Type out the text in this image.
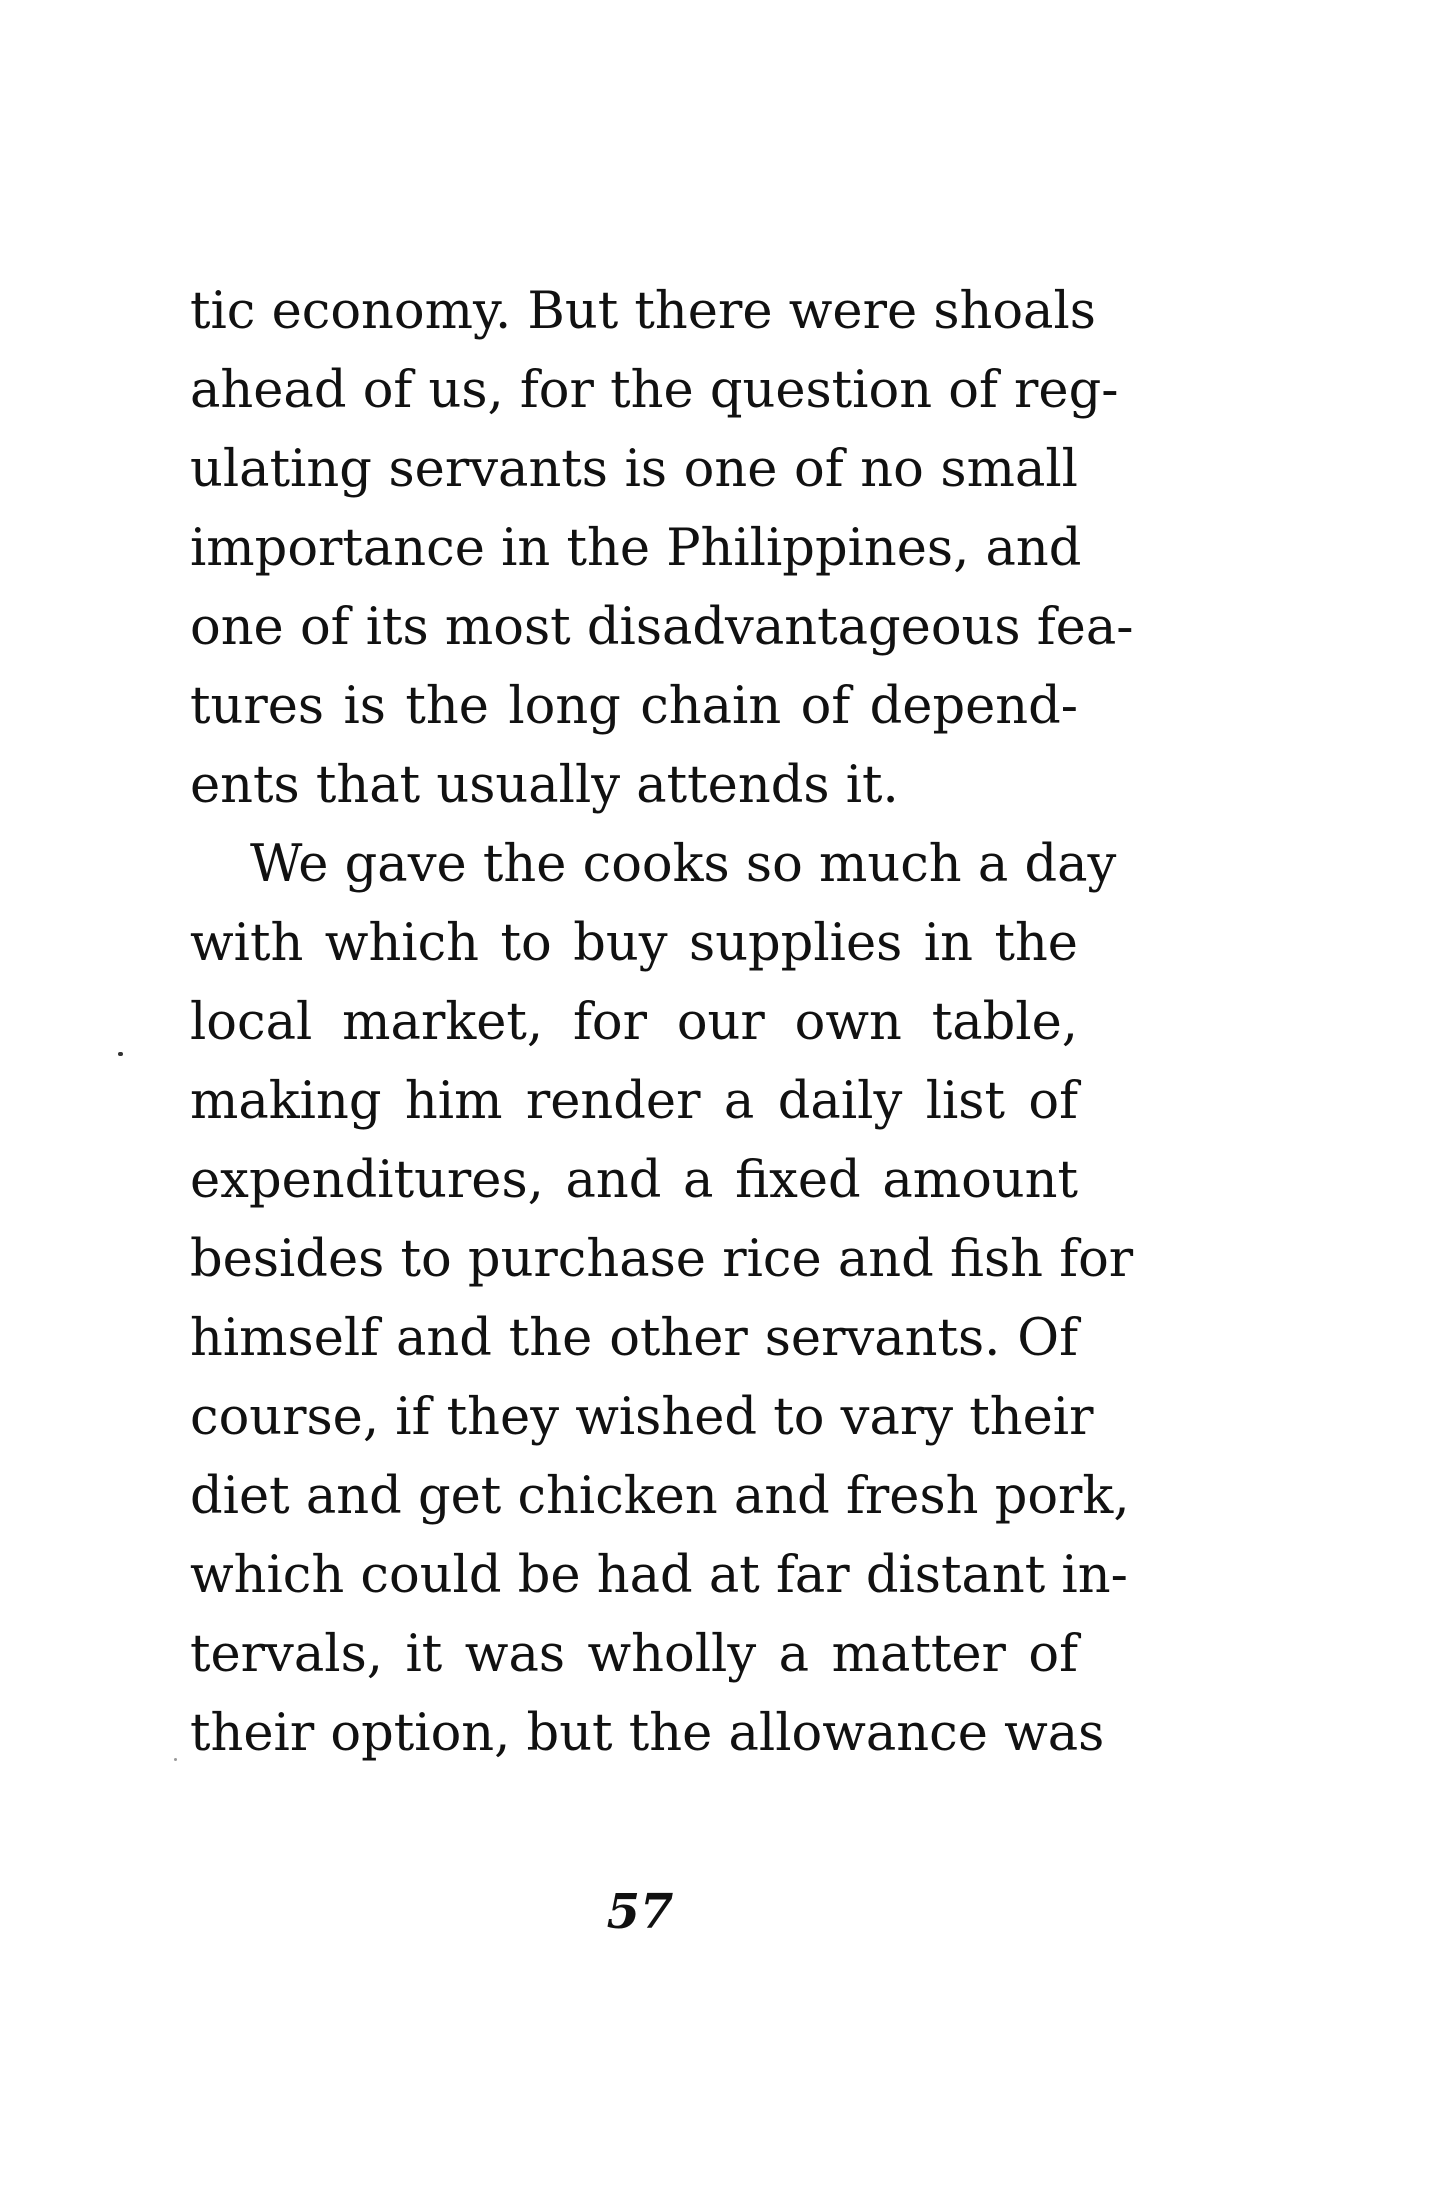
tic economy. But there were shoals
ahead of us, for the question of reg-
ulating servants is one of no small
importance in the Philippines, and
one of its most disadvantageous fea-
tures is the long chain of depend-
ents that usually attends it.
We gave the cooks so much a day
with which to buy supplies in the
local market, for our own table,
making him render a daily list of
expenditures, and a fixed amount
besides to purchase rice and fish for
himself and the other servants. Of
course, if they wished to vary their
diet and get chicken and fresh pork,
which could be had at far distant in-
tervals, it was wholly a matter of
their option, but the allowance was
57
